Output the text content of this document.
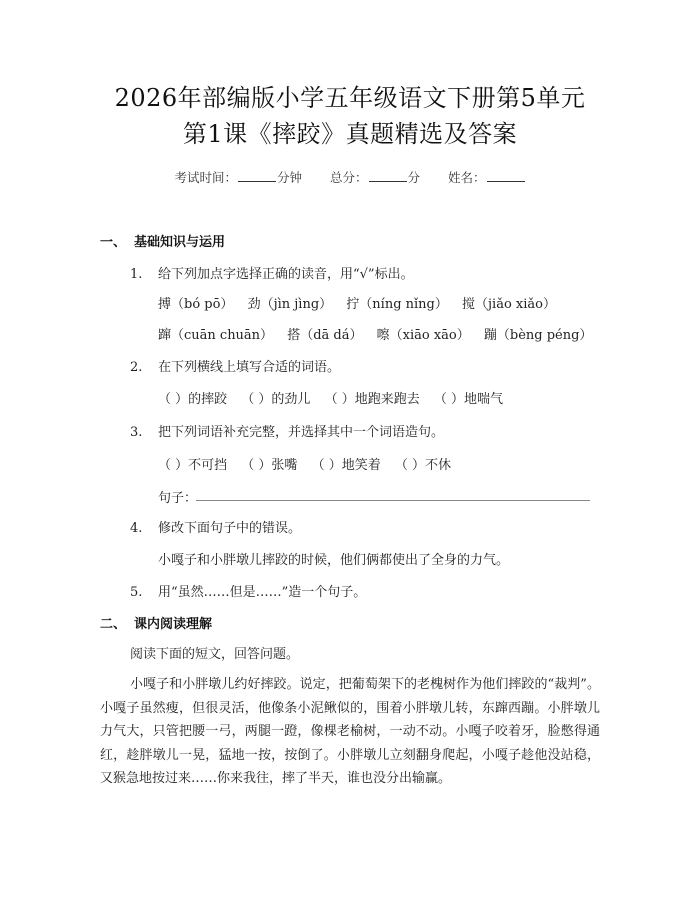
2026年部编版小学五年级语文下册第5单元
第1课《摔跤》真题精选及答案
考试时间：	分钟 总分：	分 姓名：
一、 基础知识与运用
1. 给下列加点字选择正确的读音，用“√”标出。
搏（bó pō） 劲（jìn jìng） 拧（níng nǐng） 搅（jiǎo xiǎo）
蹿（cuān chuān） 搭（dā dá） 嚓（xiāo xāo） 蹦（bèng péng）
2. 在下列横线上填写合适的词语。
（ ）的摔跤 （ ）的劲儿 （ ）地跑来跑去 （ ）地喘气
3. 把下列词语补充完整，并选择其中一个词语造句。
（ ）不可挡 （ ）张嘴 （ ）地笑着 （ ）不休
句子：
4. 修改下面句子中的错误。
小嘎子和小胖墩儿摔跤的时候，他们俩都使出了全身的力气。
5. 用“虽然……但是……”造一个句子。
二、 课内阅读理解
阅读下面的短文，回答问题。
小嘎子和小胖墩儿约好摔跤。说定，把葡萄架下的老槐树作为他们摔跤的“裁判”。小嘎子虽然瘦，但很灵活，他像条小泥鳅似的，围着小胖墩儿转，东蹿西蹦。小胖墩儿力气大，只管把腰一弓，两腿一蹬，像棵老榆树，一动不动。小嘎子咬着牙，脸憋得通红，趁胖墩儿一晃，猛地一按，按倒了。小胖墩儿立刻翻身爬起，小嘎子趁他没站稳，又猴急地按过来……你来我往，摔了半天，谁也没分出输赢。
